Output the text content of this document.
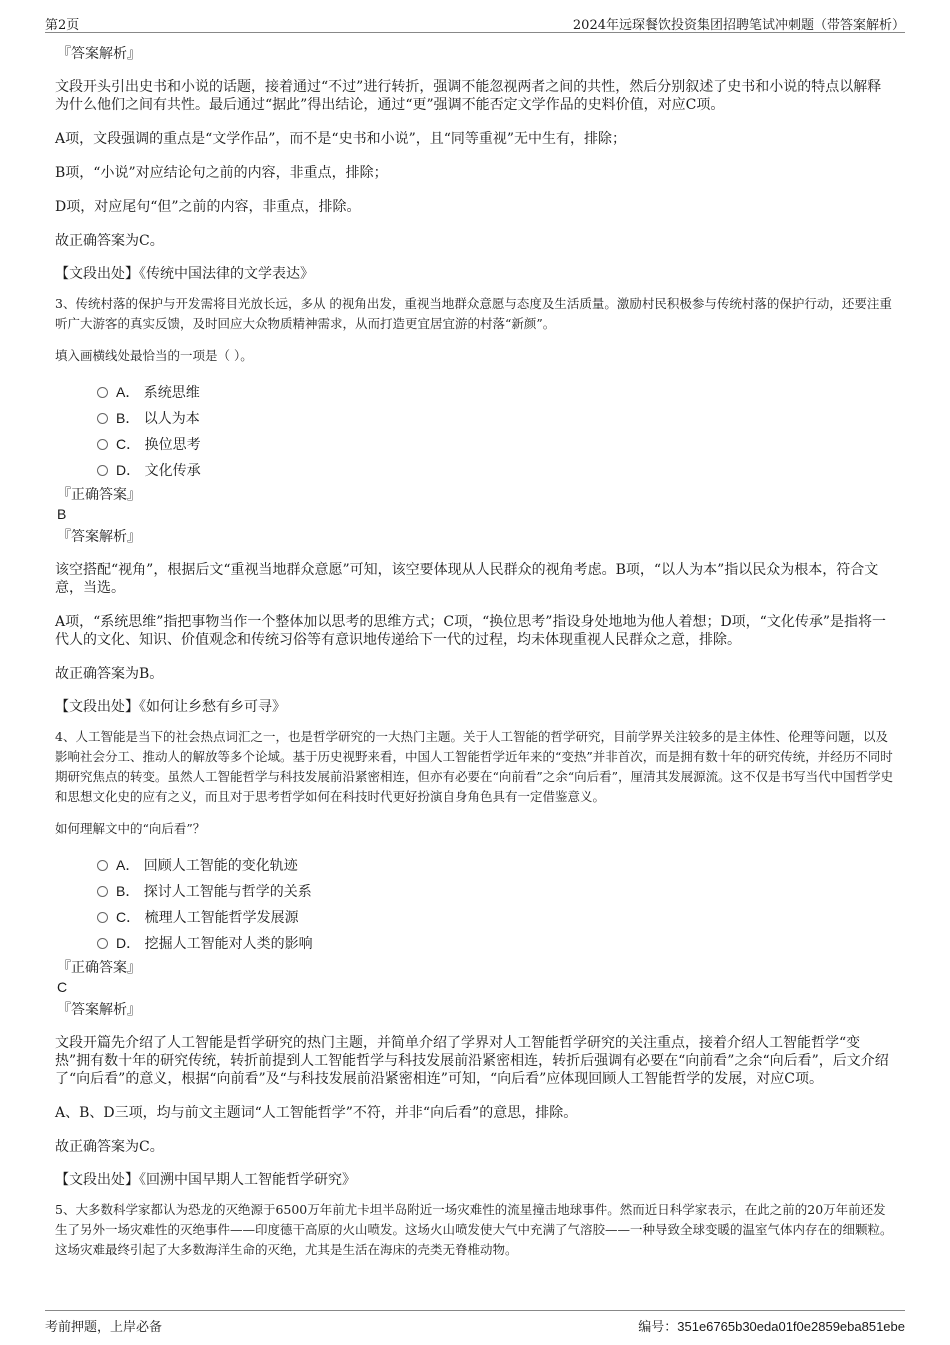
第2页	2024年远琛餐饮投资集团招聘笔试冲刺题（带答案解析）
『答案解析』

文段开头引出史书和小说的话题，接着通过“不过”进行转折，强调不能忽视两者之间的共性，然后分别叙述了史书和小说的特点以解释为什么他们之间有共性。最后通过“据此”得出结论，通过“更”强调不能否定文学作品的史料价值，对应C项。

A项，文段强调的重点是“文学作品”，而不是“史书和小说”，且“同等重视”无中生有，排除；

B项，“小说”对应结论句之前的内容，非重点，排除；

D项，对应尾句“但”之前的内容，非重点，排除。

故正确答案为C。

【文段出处】《传统中国法律的文学表达》

3、传统村落的保护与开发需将目光放长远，多从 的视角出发，重视当地群众意愿与态度及生活质量。激励村民积极参与传统村落的保护行动，还要注重听广大游客的真实反馈，及时回应大众物质精神需求，从而打造更宜居宜游的村落“新颜”。

填入画横线处最恰当的一项是（ ）。

A． 系统思维
B． 以人为本
C． 换位思考
D． 文化传承
『正确答案』
B
『答案解析』

该空搭配“视角”，根据后文“重视当地群众意愿”可知，该空要体现从人民群众的视角考虑。B项，“以人为本”指以民众为根本，符合文意，当选。

A项，“系统思维”指把事物当作一个整体加以思考的思维方式；C项，“换位思考”指设身处地地为他人着想；D项，“文化传承”是指将一代人的文化、知识、价值观念和传统习俗等有意识地传递给下一代的过程，均未体现重视人民群众之意，排除。

故正确答案为B。

【文段出处】《如何让乡愁有乡可寻》

4、人工智能是当下的社会热点词汇之一，也是哲学研究的一大热门主题。关于人工智能的哲学研究，目前学界关注较多的是主体性、伦理等问题，以及影响社会分工、推动人的解放等多个论域。基于历史视野来看，中国人工智能哲学近年来的“变热”并非首次，而是拥有数十年的研究传统，并经历不同时期研究焦点的转变。虽然人工智能哲学与科技发展前沿紧密相连，但亦有必要在“向前看”之余“向后看”，厘清其发展源流。这不仅是书写当代中国哲学史和思想文化史的应有之义，而且对于思考哲学如何在科技时代更好扮演自身角色具有一定借鉴意义。

如何理解文中的“向后看”？

A． 回顾人工智能的变化轨迹
B． 探讨人工智能与哲学的关系
C． 梳理人工智能哲学发展源
D． 挖掘人工智能对人类的影响
『正确答案』
C
『答案解析』

文段开篇先介绍了人工智能是哲学研究的热门主题，并简单介绍了学界对人工智能哲学研究的关注重点，接着介绍人工智能哲学“变热”拥有数十年的研究传统，转折前提到人工智能哲学与科技发展前沿紧密相连，转折后强调有必要在“向前看”之余“向后看”，后文介绍了“向后看”的意义，根据“向前看”及“与科技发展前沿紧密相连”可知，“向后看”应体现回顾人工智能哲学的发展，对应C项。

A、B、D三项，均与前文主题词“人工智能哲学”不符，并非“向后看”的意思，排除。

故正确答案为C。

【文段出处】《回溯中国早期人工智能哲学研究》

5、大多数科学家都认为恐龙的灭绝源于6500万年前尤卡坦半岛附近一场灾难性的流星撞击地球事件。然而近日科学家表示，在此之前的20万年前还发生了另外一场灾难性的灭绝事件——印度德干高原的火山喷发。这场火山喷发使大气中充满了气溶胶——一种导致全球变暖的温室气体内存在的细颗粒。这场灾难最终引起了大多数海洋生命的灭绝，尤其是生活在海床的壳类无脊椎动物。

考前押题，上岸必备	编号：351e6765b30eda01f0e2859eba851ebe
